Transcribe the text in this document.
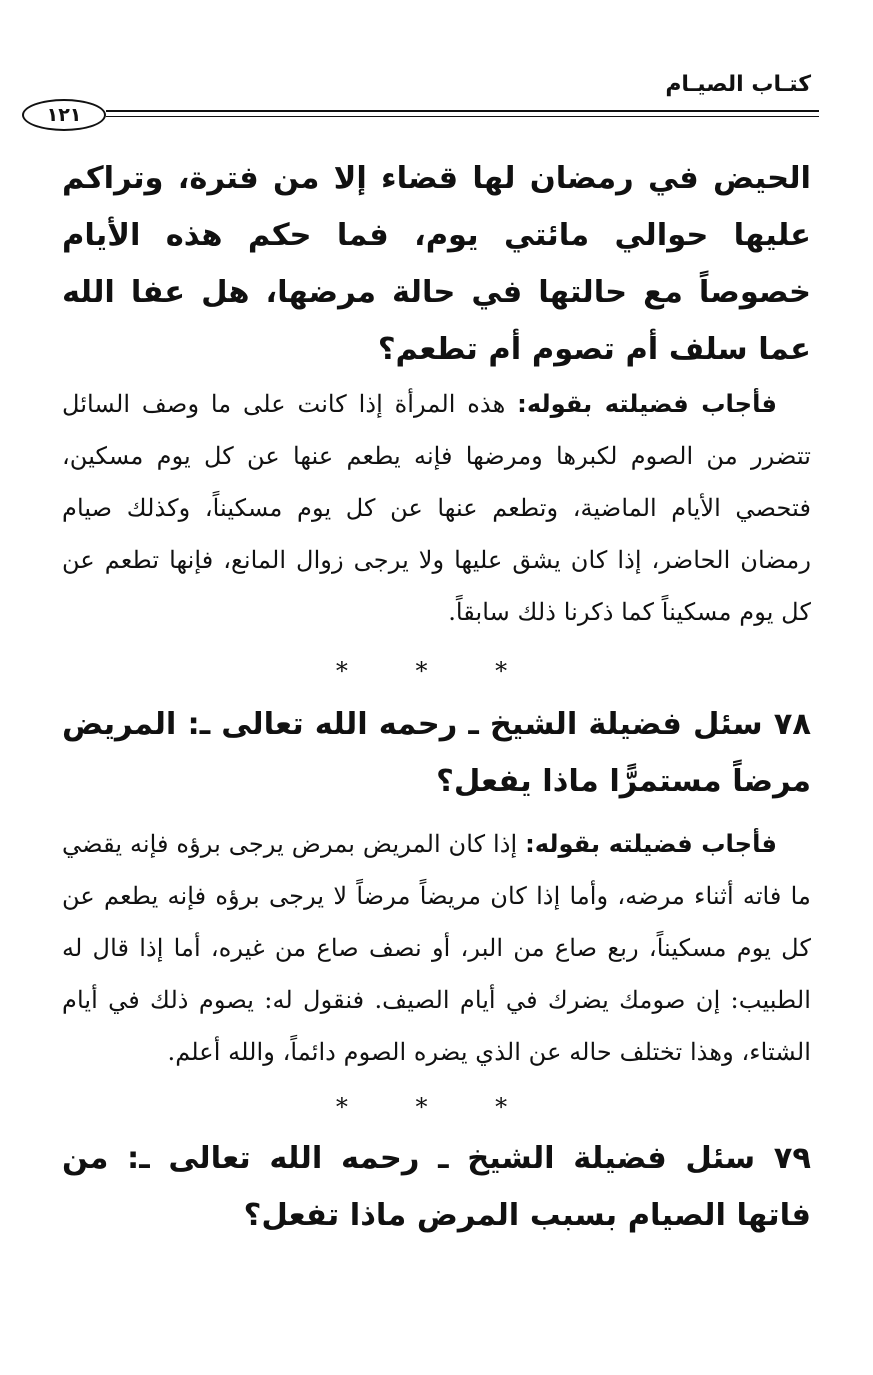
كتـاب الصيـام
١٢١

الحيض في رمضان لها قضاء إلا من فترة، وتراكم عليها حوالي مائتي يوم، فما حكم هذه الأيام خصوصاً مع حالتها في حالة مرضها، هل عفا الله عما سلف أم تصوم أم تطعم؟

فأجاب فضيلته بقوله: هذه المرأة إذا كانت على ما وصف السائل تتضرر من الصوم لكبرها ومرضها فإنه يطعم عنها عن كل يوم مسكين، فتحصي الأيام الماضية، وتطعم عنها عن كل يوم مسكيناً، وكذلك صيام رمضان الحاضر، إذا كان يشق عليها ولا يرجى زوال المانع، فإنها تطعم عن كل يوم مسكيناً كما ذكرنا ذلك سابقاً.

* * *

٧٨ سئل فضيلة الشيخ ـ رحمه الله تعالى ـ: المريض مرضاً مستمرًّا ماذا يفعل؟

فأجاب فضيلته بقوله: إذا كان المريض بمرض يرجى برؤه فإنه يقضي ما فاته أثناء مرضه، وأما إذا كان مريضاً مرضاً لا يرجى برؤه فإنه يطعم عن كل يوم مسكيناً، ربع صاع من البر، أو نصف صاع من غيره، أما إذا قال له الطبيب: إن صومك يضرك في أيام الصيف. فنقول له: يصوم ذلك في أيام الشتاء، وهذا تختلف حاله عن الذي يضره الصوم دائماً، والله أعلم.

* * *

٧٩ سئل فضيلة الشيخ ـ رحمه الله تعالى ـ: من فاتها الصيام بسبب المرض ماذا تفعل؟
